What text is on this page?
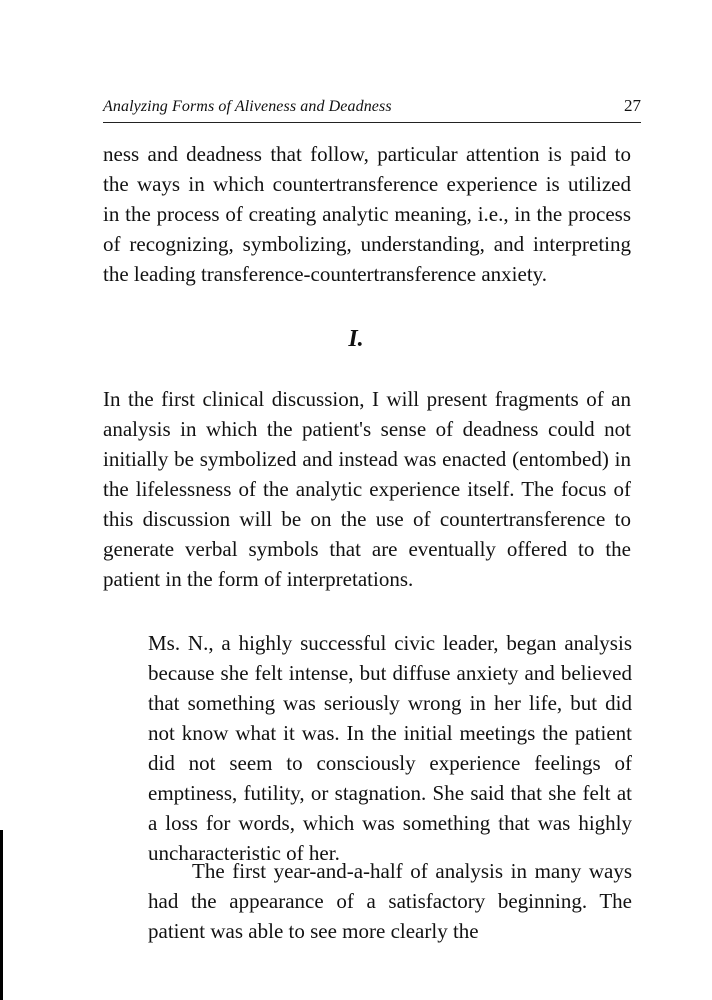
Analyzing Forms of Aliveness and Deadness	27

ness and deadness that follow, particular attention is paid to the ways in which countertransference experience is utilized in the process of creating analytic meaning, i.e., in the process of recognizing, symbolizing, understanding, and interpreting the leading transference-countertransference anxiety.

I.

In the first clinical discussion, I will present fragments of an analysis in which the patient's sense of deadness could not initially be symbolized and instead was enacted (entombed) in the lifelessness of the analytic experience itself. The focus of this discussion will be on the use of countertransference to generate verbal symbols that are eventually offered to the patient in the form of interpretations.

Ms. N., a highly successful civic leader, began analysis because she felt intense, but diffuse anxiety and believed that something was seriously wrong in her life, but did not know what it was. In the initial meetings the patient did not seem to consciously experience feelings of emptiness, futility, or stagnation. She said that she felt at a loss for words, which was something that was highly uncharacteristic of her.

The first year-and-a-half of analysis in many ways had the appearance of a satisfactory beginning. The patient was able to see more clearly the
